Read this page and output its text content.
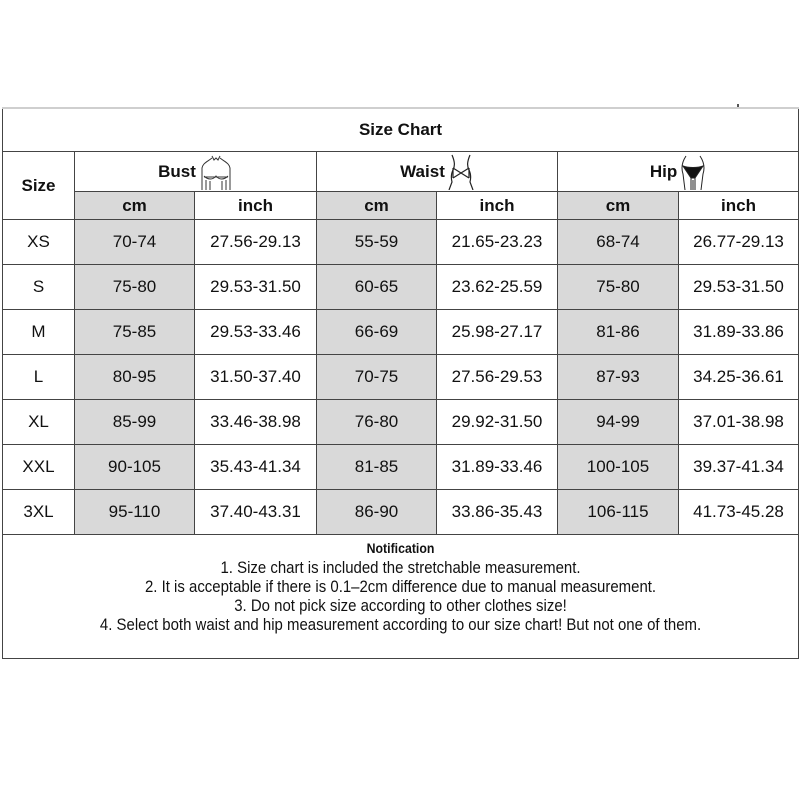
Size Chart						
Size	Bust		Waist		Hip	

	cm	inch	cm	inch	cm	inch
XS	70-74	27.56-29.13	55-59	21.65-23.23	68-74	26.77-29.13
S	75-80	29.53-31.50	60-65	23.62-25.59	75-80	29.53-31.50
M	75-85	29.53-33.46	66-69	25.98-27.17	81-86	31.89-33.86
L	80-95	31.50-37.40	70-75	27.56-29.53	87-93	34.25-36.61
XL	85-99	33.46-38.98	76-80	29.92-31.50	94-99	37.01-38.98
XXL	90-105	35.43-41.34	81-85	31.89-33.46	100-105	39.37-41.34
3XL	95-110	37.40-43.31	86-90	33.86-35.43	106-115	41.73-45.28

Notification
1. Size chart is included the stretchable measurement.
2. It is acceptable if there is 0.1–2cm difference due to manual measurement.
3. Do not pick size according to other clothes size!
4. Select both waist and hip measurement according to our size chart! But not one of them.						
